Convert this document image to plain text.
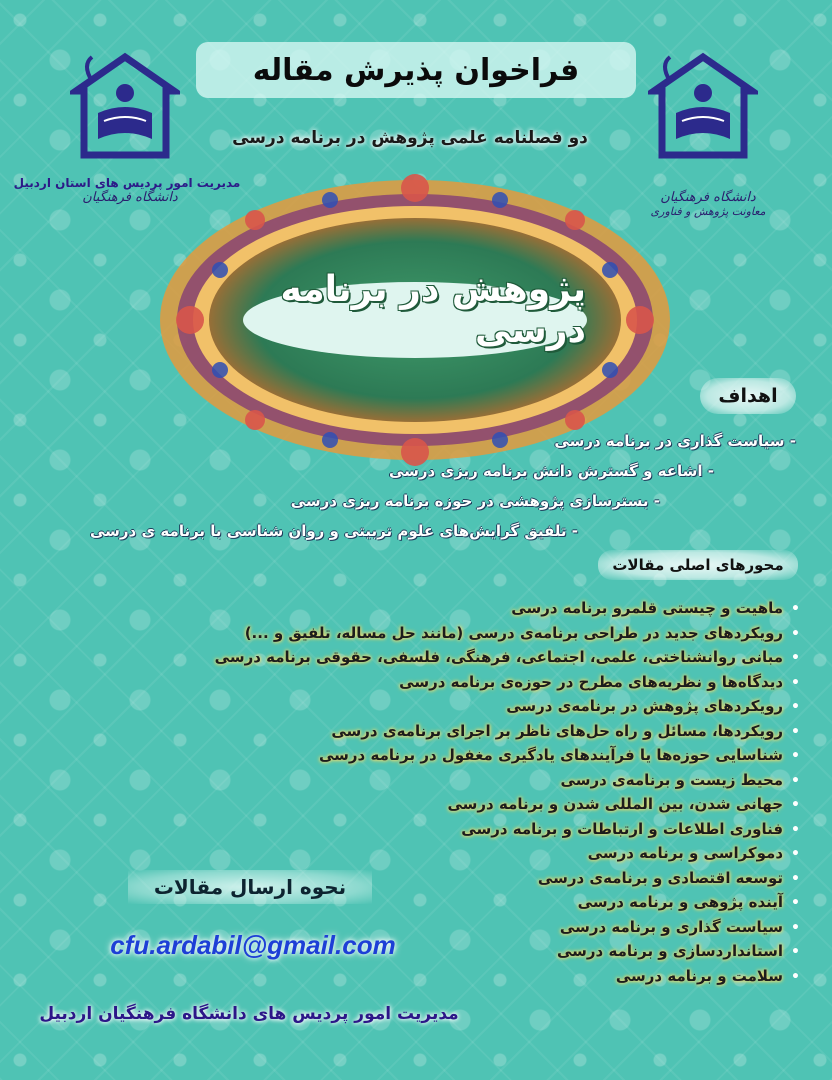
فراخوان پذیرش مقاله
دو فصلنامه علمی پژوهش در برنامه درسی
دانشگاه فرهنگیان
مدیریت امور پردیس های استان اردبیل
دانشگاه فرهنگیان
معاونت پژوهش و فناوری
پژوهش در برنامه درسی
اهداف
- سیاست گذاری در برنامه درسی
- اشاعه و گسترش دانش برنامه ریزی درسی
- بسترسازی پژوهشی در حوزه برنامه ریزی درسی
- تلفیق گرایش‌های علوم تربیتی و روان شناسی با برنامه ی درسی
محورهای اصلی مقالات
•ماهیت و چیستی قلمرو برنامه درسی
•رویکردهای جدید در طراحی برنامه‌ی درسی (مانند حل مساله، تلفیق و ...)
•مبانی روانشناختی، علمی، اجتماعی، فرهنگی، فلسفی، حقوقی برنامه درسی
•دیدگاه‌ها و نظریه‌های مطرح در حوزه‌ی برنامه درسی
•رویکردهای پژوهش در برنامه‌ی درسی
•رویکردها، مسائل و راه حل‌های ناظر بر اجرای برنامه‌ی درسی
•شناسایی حوزه‌ها یا فرآیندهای یادگیری مغفول در برنامه درسی
•محیط زیست و برنامه‌ی درسی
•جهانی شدن، بین المللی شدن و برنامه درسی
•فناوری اطلاعات و ارتباطات و برنامه درسی
•دموکراسی و برنامه درسی
•توسعه اقتصادی و برنامه‌ی درسی
•آینده پژوهی و برنامه درسی
•سیاست گذاری و برنامه درسی
•استانداردسازی و برنامه درسی
•سلامت و برنامه درسی
نحوه ارسال مقالات
cfu.ardabil@gmail.com
مدیریت امور پردیس های دانشگاه فرهنگیان اردبیل
